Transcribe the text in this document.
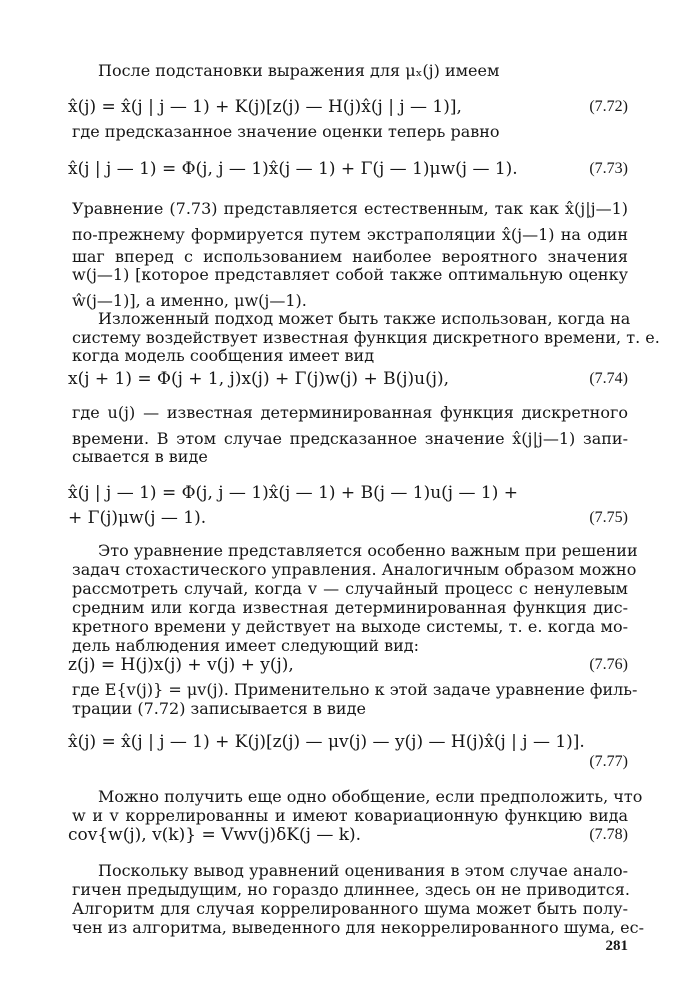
После подстановки выражения для μₓ(j) имеем
x̂(j) = x̂(j | j — 1) + K(j)[z(j) — H(j)x̂(j | j — 1)],	(7.72)
где предсказанное значение оценки теперь равно
x̂(j | j — 1) = Φ(j, j — 1)x̂(j — 1) + Γ(j — 1)μw(j — 1).	(7.73)
Уравнение (7.73) представляется естественным, так как x̂(j|j—1)
по-прежнему формируется путем экстраполяции x̂(j—1) на один
шаг вперед с использованием наиболее вероятного значения
w(j—1) [которое представляет собой также оптимальную оценку
ŵ(j—1)], а именно, μw(j—1).
Изложенный подход может быть также использован, когда на
систему воздействует известная функция дискретного времени, т. е.
когда модель сообщения имеет вид
x(j + 1) = Φ(j + 1, j)x(j) + Γ(j)w(j) + B(j)u(j),	(7.74)
где u(j) — известная детерминированная функция дискретного
времени. В этом случае предсказанное значение x̂(j|j—1) запи-
сывается в виде
x̂(j | j — 1) = Φ(j, j — 1)x̂(j — 1) + B(j — 1)u(j — 1) +
+ Γ(j)μw(j — 1).	(7.75)
Это уравнение представляется особенно важным при решении
задач стохастического управления. Аналогичным образом можно
рассмотреть случай, когда v — случайный процесс с ненулевым
средним или когда известная детерминированная функция дис-
кретного времени y действует на выходе системы, т. е. когда мо-
дель наблюдения имеет следующий вид:
z(j) = H(j)x(j) + v(j) + y(j),	(7.76)
где E{v(j)} = μv(j). Применительно к этой задаче уравнение филь-
трации (7.72) записывается в виде
x̂(j) = x̂(j | j — 1) + K(j)[z(j) — μv(j) — y(j) — H(j)x̂(j | j — 1)].
(7.77)
Можно получить еще одно обобщение, если предположить, что
w и v коррелированны и имеют ковариационную функцию вида
cov{w(j), v(k)} = Vwv(j)δK(j — k).	(7.78)
Поскольку вывод уравнений оценивания в этом случае анало-
гичен предыдущим, но гораздо длиннее, здесь он не приводится.
Алгоритм для случая коррелированного шума может быть полу-
чен из алгоритма, выведенного для некоррелированного шума, ес-
281
